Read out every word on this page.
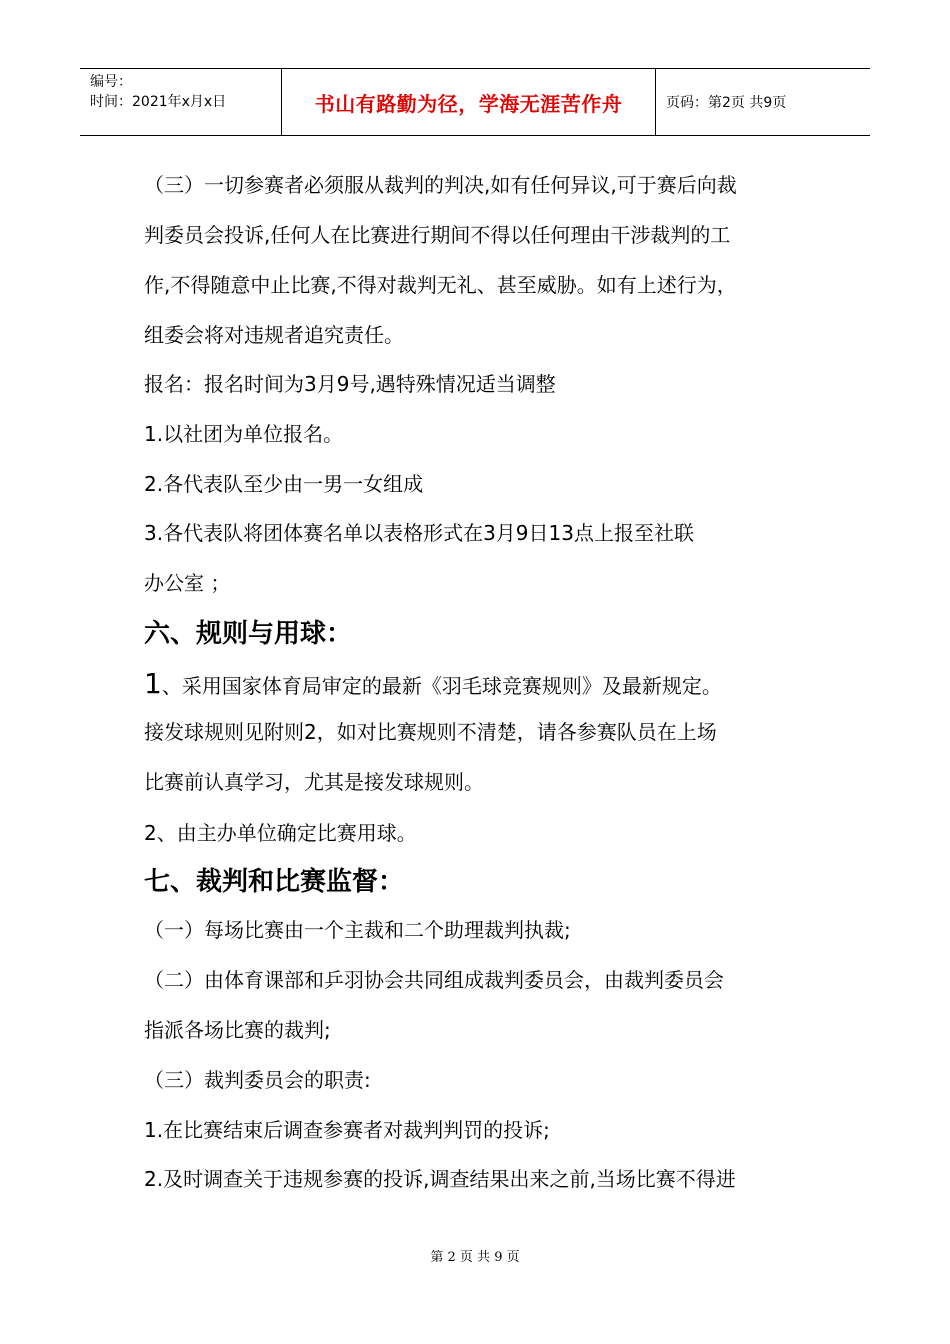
编号：
时间：2021年x月x日	书山有路勤为径，学海无涯苦作舟	页码：第2页 共9页
（三）一切参赛者必须服从裁判的判决,如有任何异议,可于赛后向裁
判委员会投诉,任何人在比赛进行期间不得以任何理由干涉裁判的工
作,不得随意中止比赛,不得对裁判无礼、甚至威胁。如有上述行为，
组委会将对违规者追究责任。
报名：报名时间为3月9号,遇特殊情况适当调整
1.以社团为单位报名。
2.各代表队至少由一男一女组成
3.各代表队将团体赛名单以表格形式在3月9日13点上报至社联
办公室 ；
六、规则与用球：
1、采用国家体育局审定的最新《羽毛球竞赛规则》及最新规定。
接发球规则见附则2，如对比赛规则不清楚，请各参赛队员在上场
比赛前认真学习，尤其是接发球规则。
2、由主办单位确定比赛用球。
七、裁判和比赛监督：
（一）每场比赛由一个主裁和二个助理裁判执裁;
（二）由体育课部和乒羽协会共同组成裁判委员会，由裁判委员会
指派各场比赛的裁判;
（三）裁判委员会的职责:
1.在比赛结束后调查参赛者对裁判判罚的投诉;
2.及时调查关于违规参赛的投诉,调查结果出来之前,当场比赛不得进
第 2 页 共 9 页
